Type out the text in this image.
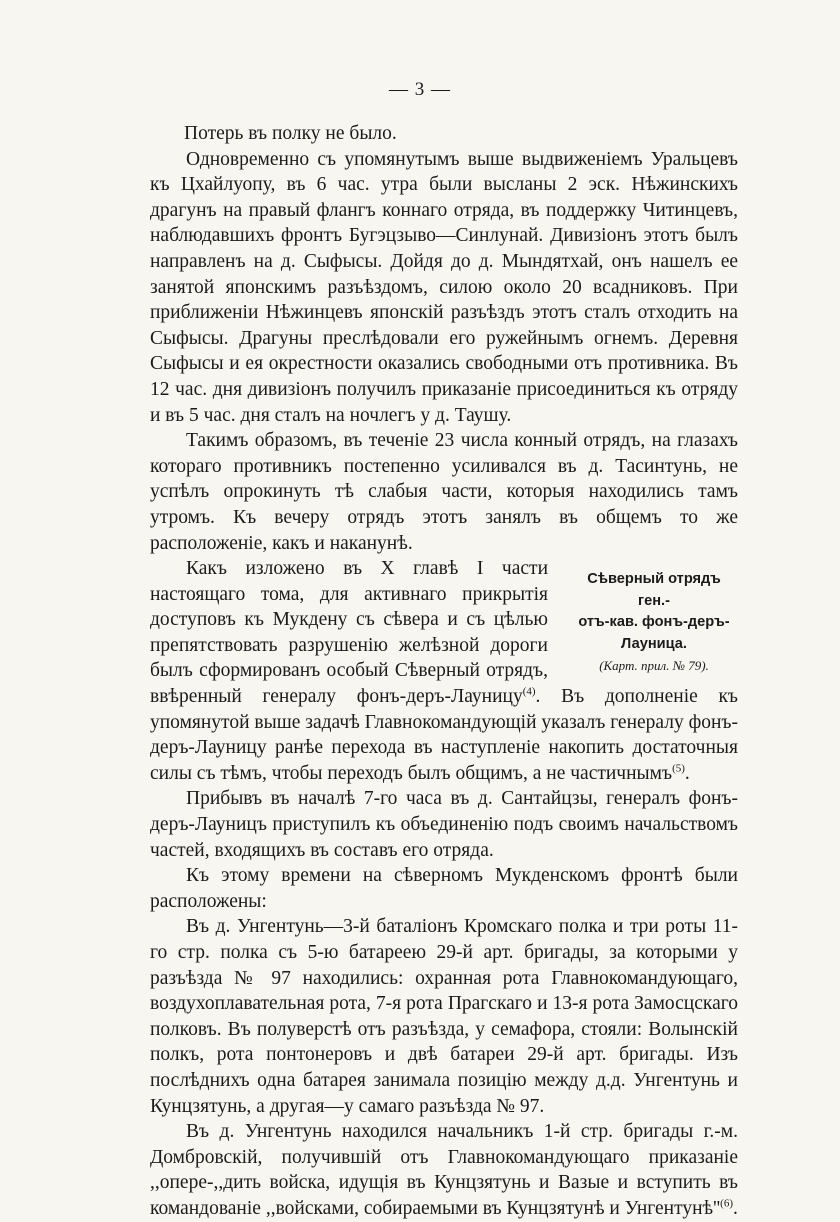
— 3 —

Потерь въ полку не было.

Одновременно съ упомянутымъ выше выдвиженіемъ Уральцевъ къ Цхайлуопу, въ 6 час. утра были высланы 2 эск. Нѣжинскихъ драгунъ на правый флангъ коннаго отряда, въ поддержку Читинцевъ, наблюдавшихъ фронтъ Бугэцзыво—Синлунай. Дивизіонъ этотъ былъ направленъ на д. Сыфысы. Дойдя до д. Мындятхай, онъ нашелъ ее занятой японскимъ разъѣздомъ, силою около 20 всадниковъ. При приближеніи Нѣжинцевъ японскій разъѣздъ этотъ сталъ отходить на Сыфысы. Драгуны преслѣдовали его ружейнымъ огнемъ. Деревня Сыфысы и ея окрестности оказались свободными отъ противника. Въ 12 час. дня дивизіонъ получилъ приказаніе присоединиться къ отряду и въ 5 час. дня сталъ на ночлегъ у д. Таушу.

Такимъ образомъ, въ теченіе 23 числа конный отрядъ, на глазахъ котораго противникъ постепенно усиливался въ д. Тасинтунь, не успѣлъ опрокинуть тѣ слабыя части, которыя находились тамъ утромъ. Къ вечеру отрядъ этотъ занялъ въ общемъ то же расположеніе, какъ и наканунѣ.

Сѣверный отрядъ ген.-
отъ-кав. фонъ-деръ-
Лауница.
(Карт. прил. № 79).
Какъ изложено въ X главѣ I части настоящаго тома, для активнаго прикрытія доступовъ къ Мукдену съ сѣвера и съ цѣлью препятствовать разрушенію желѣзной дороги былъ сформированъ особый Сѣверный отрядъ, ввѣренный генералу фонъ-деръ-Лауницу$^{(4)}$. Въ дополненіе къ упомянутой выше задачѣ Главнокомандующій указалъ генералу фонъ-деръ-Лауницу ранѣе перехода въ наступленіе накопить достаточныя силы съ тѣмъ, чтобы переходъ былъ общимъ, а не частичнымъ$^{(5)}$.

Прибывъ въ началѣ 7-го часа въ д. Сантайцзы, генералъ фонъ-деръ-Лауницъ приступилъ къ объединенію подъ своимъ начальствомъ частей, входящихъ въ составъ его отряда.

Къ этому времени на сѣверномъ Мукденскомъ фронтѣ были расположены:

Въ д. Унгентунь—3-й баталіонъ Кромскаго полка и три роты 11-го стр. полка съ 5-ю батареею 29-й арт. бригады, за которыми у разъѣзда № 97 находились: охранная рота Главнокомандующаго, воздухоплавательная рота, 7-я рота Прагскаго и 13-я рота Замосцскаго полковъ. Въ полуверстѣ отъ разъѣзда, у семафора, стояли: Волынскій полкъ, рота понтонеровъ и двѣ батареи 29-й арт. бригады. Изъ послѣднихъ одна батарея занимала позицію между д.д. Унгентунь и Кунцзятунь, а другая—у самаго разъѣзда № 97.

Въ д. Унгентунь находился начальникъ 1-й стр. бригады г.-м. Домбровскій, получившій отъ Главнокомандующаго приказаніе ,,опере-,,дить войска, идущія въ Кунцзятунь и Вазые и вступить въ командованіе ,,войсками, собираемыми въ Кунцзятунѣ и $Унгентунѣ''^{(6)}$.
